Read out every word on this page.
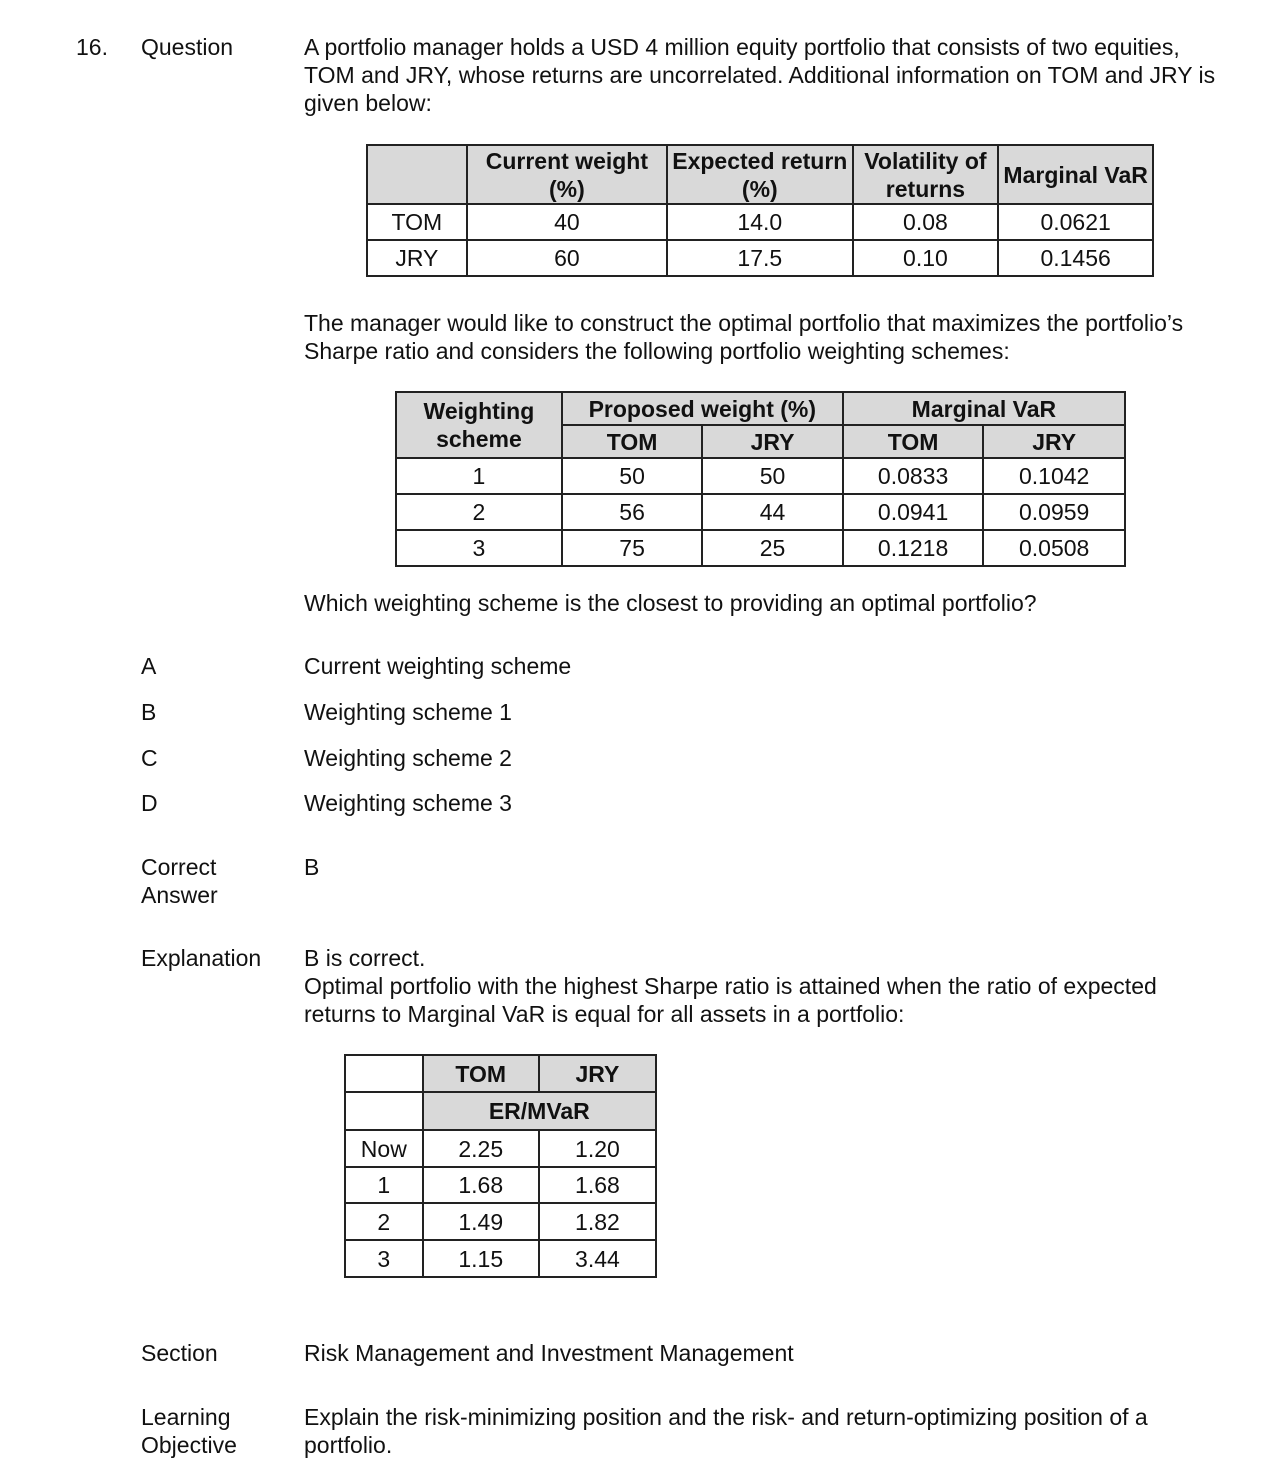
16. Question	A portfolio manager holds a USD 4 million equity portfolio that consists of two equities, TOM and JRY, whose returns are uncorrelated. Additional information on TOM and JRY is given below:
	Current weight (%)	Expected return (%)	Volatility of returns	Marginal VaR
TOM	40	14.0	0.08	0.0621
JRY	60	17.5	0.10	0.1456
The manager would like to construct the optimal portfolio that maximizes the portfolio’s Sharpe ratio and considers the following portfolio weighting schemes:
Weighting scheme	Proposed weight (%)		Marginal VaR	
	TOM	JRY	TOM	JRY
1	50	50	0.0833	0.1042
2	56	44	0.0941	0.0959
3	75	25	0.1218	0.0508
Which weighting scheme is the closest to providing an optimal portfolio?
A	Current weighting scheme
B	Weighting scheme 1
C	Weighting scheme 2
D	Weighting scheme 3
Correct
Answer
B
Explanation B is correct.
Optimal portfolio with the highest Sharpe ratio is attained when the ratio of expected returns to Marginal VaR is equal for all assets in a portfolio:
	TOM	JRY
	ER/MVaR	
Now	2.25	1.20
1	1.68	1.68
2	1.49	1.82
3	1.15	3.44
Section	Risk Management and Investment Management
Learning
Objective
Explain the risk-minimizing position and the risk- and return-optimizing position of a portfolio.
